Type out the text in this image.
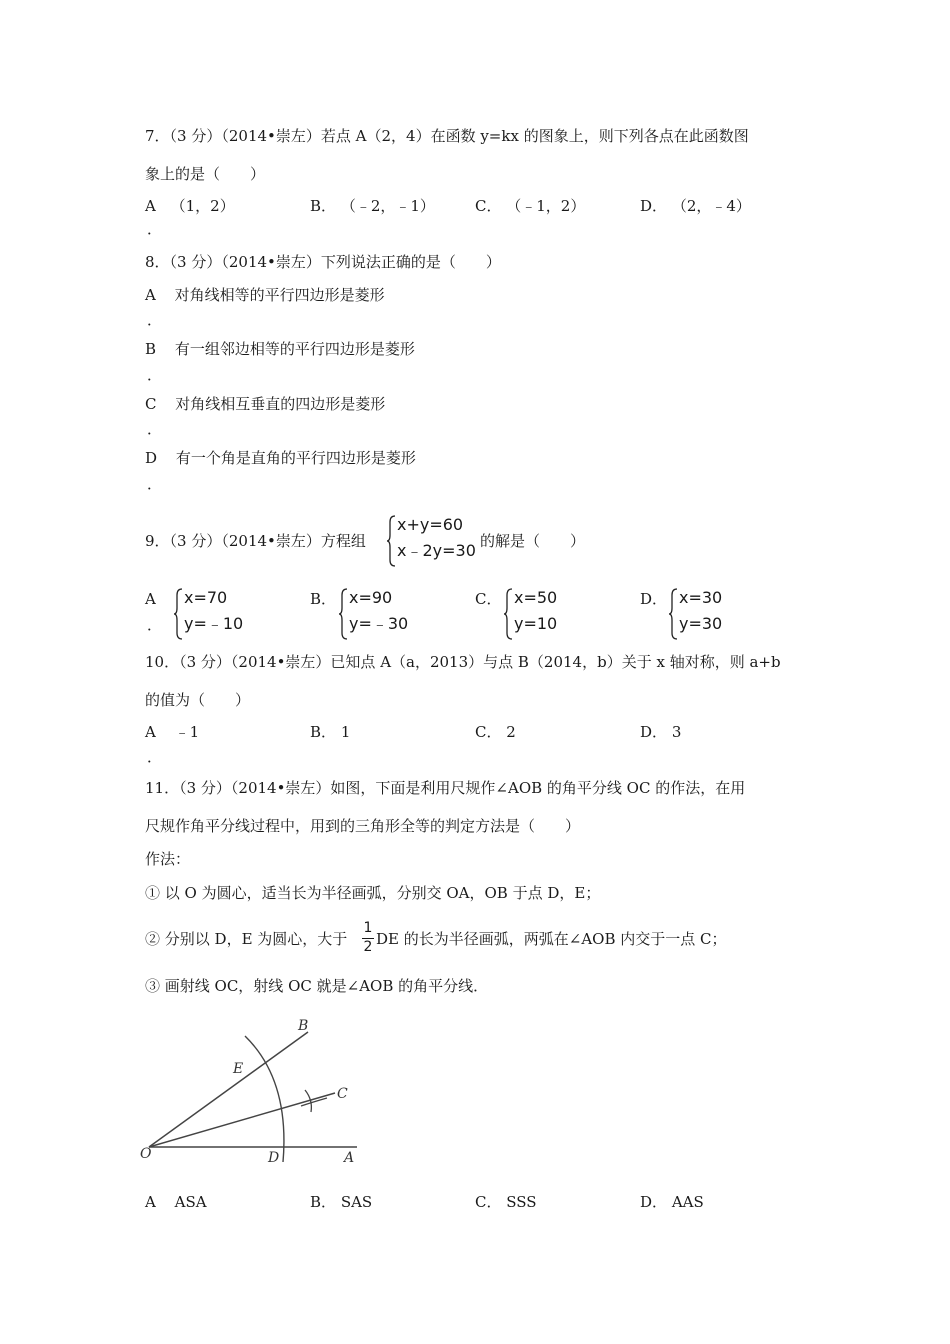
7．（3 分）（2014•崇左）若点 A（2，4）在函数 y=kx 的图象上，则下列各点在此函数图
象上的是（　　）
A （1，2）
．
B． （﹣2，﹣1）	C． （﹣1，2）	D． （2，﹣4）
8．（3 分）（2014•崇左）下列说法正确的是（　　）
A 对角线相等的平行四边形是菱形
．
B 有一组邻边相等的平行四边形是菱形
．
C 对角线相互垂直的四边形是菱形
．
D 有一个角是直角的平行四边形是菱形
．
9．（3 分）（2014•崇左）方程组
x+y=60
x﹣2y=30 的解是（　　）
A
．
x=70
y=﹣10
B． x=90
y=﹣30
C． x=50
y=10
D． x=30
y=30
10．（3 分）（2014•崇左）已知点 A（a，2013）与点 B（2014，b）关于 x 轴对称，则 a+b
的值为（　　）
A ﹣1
．
B． 1	C． 2	D． 3
11．（3 分）（2014•崇左）如图，下面是利用尺规作∠AOB 的角平分线 OC 的作法，在用
尺规作角平分线过程中，用到的三角形全等的判定方法是（　　）
作法：
① 以 O 为圆心，适当长为半径画弧，分别交 OA，OB 于点 D，E；
② 分别以 D，E 为圆心，大于
1
2 DE 的长为半径画弧，两弧在∠AOB 内交于一点 C；
③ 画射线 OC，射线 OC 就是∠AOB 的角平分线．
O	A
B
C
D
E
A ASA	B． SAS	C． SSS	D． AAS
